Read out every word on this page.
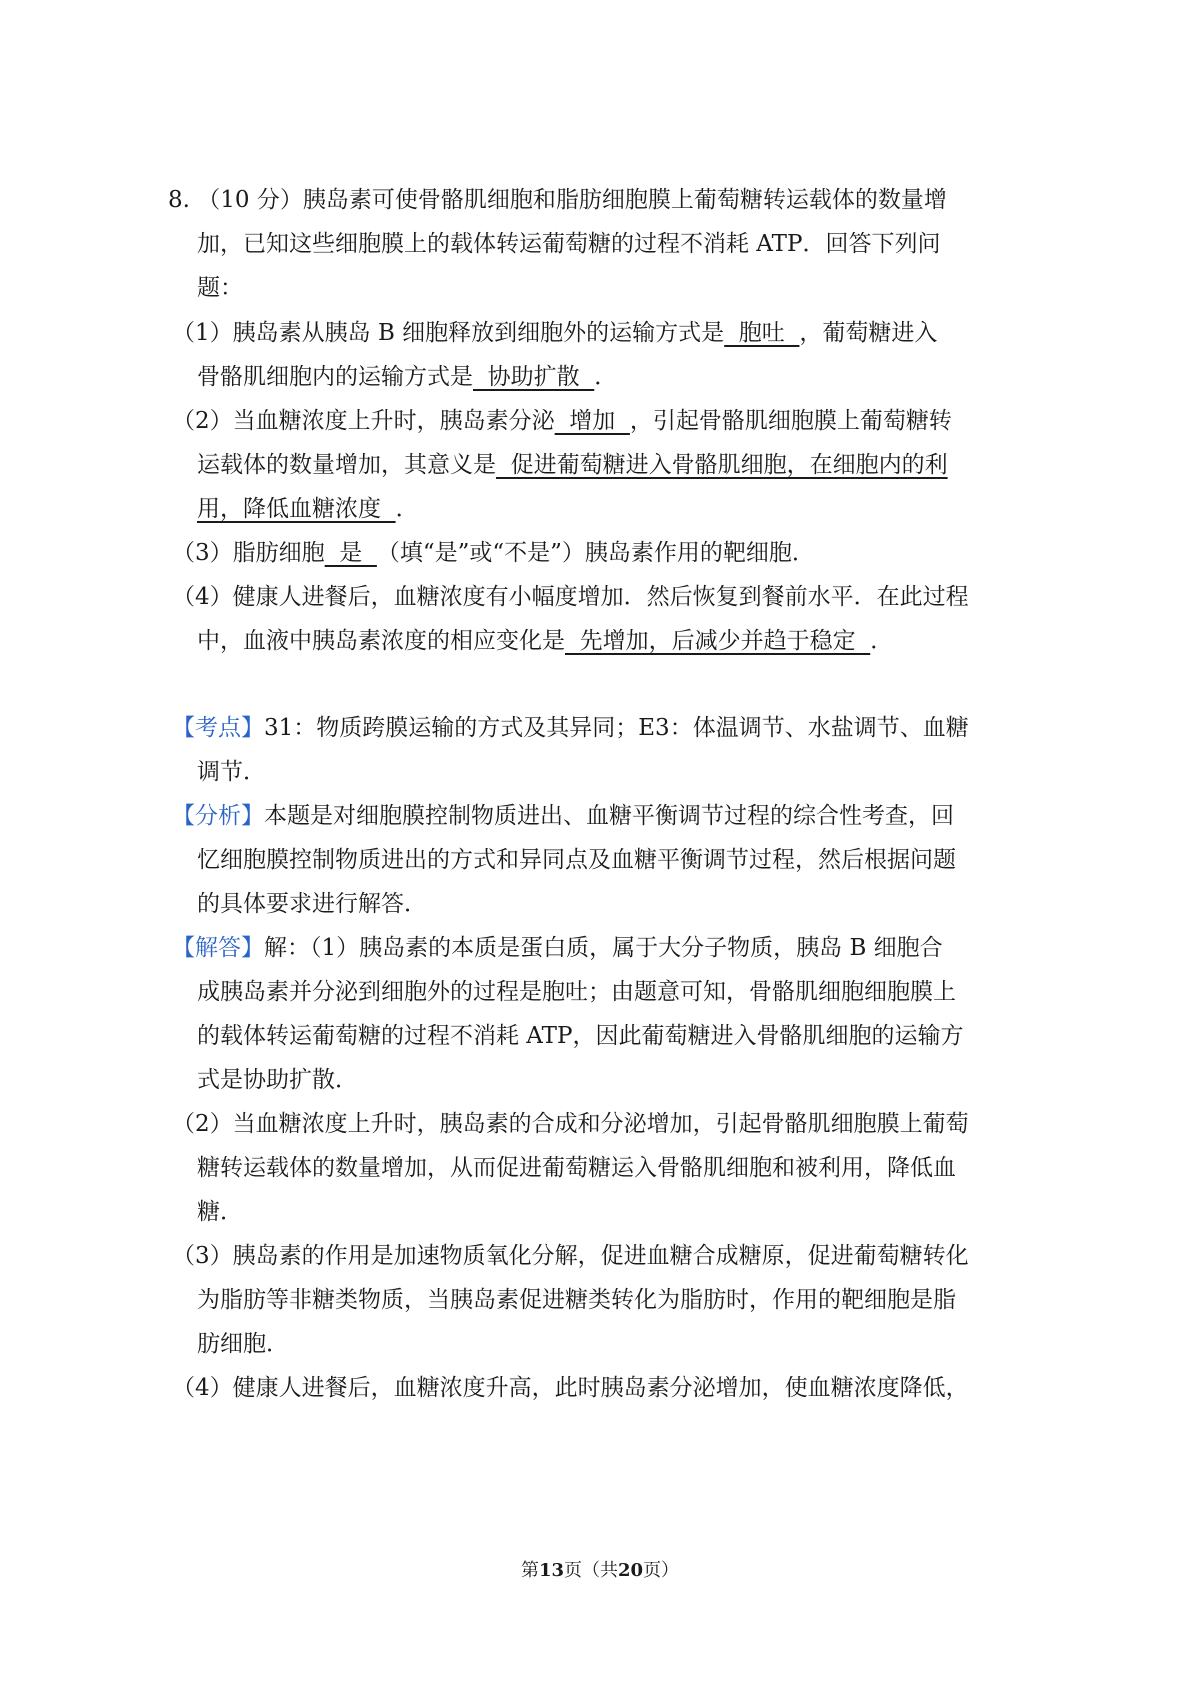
8. （10 分）胰岛素可使骨骼肌细胞和脂肪细胞膜上葡萄糖转运载体的数量增
加，已知这些细胞膜上的载体转运葡萄糖的过程不消耗 ATP．回答下列问
题：
（1）胰岛素从胰岛 B 细胞释放到细胞外的运输方式是  胞吐  ，葡萄糖进入
骨骼肌细胞内的运输方式是  协助扩散  ．
（2）当血糖浓度上升时，胰岛素分泌  增加  ，引起骨骼肌细胞膜上葡萄糖转
运载体的数量增加，其意义是  促进葡萄糖进入骨骼肌细胞，在细胞内的利
用，降低血糖浓度  ．
（3）脂肪细胞  是  （填“是”或“不是”）胰岛素作用的靶细胞．
（4）健康人进餐后，血糖浓度有小幅度增加．然后恢复到餐前水平．在此过程
中，血液中胰岛素浓度的相应变化是  先增加，后减少并趋于稳定  ．
【考点】31：物质跨膜运输的方式及其异同；E3：体温调节、水盐调节、血糖
调节．
【分析】本题是对细胞膜控制物质进出、血糖平衡调节过程的综合性考查，回
忆细胞膜控制物质进出的方式和异同点及血糖平衡调节过程，然后根据问题
的具体要求进行解答．
【解答】解：（1）胰岛素的本质是蛋白质，属于大分子物质，胰岛 B 细胞合
成胰岛素并分泌到细胞外的过程是胞吐；由题意可知，骨骼肌细胞细胞膜上
的载体转运葡萄糖的过程不消耗 ATP，因此葡萄糖进入骨骼肌细胞的运输方
式是协助扩散．
（2）当血糖浓度上升时，胰岛素的合成和分泌增加，引起骨骼肌细胞膜上葡萄
糖转运载体的数量增加，从而促进葡萄糖运入骨骼肌细胞和被利用，降低血
糖．
（3）胰岛素的作用是加速物质氧化分解，促进血糖合成糖原，促进葡萄糖转化
为脂肪等非糖类物质，当胰岛素促进糖类转化为脂肪时，作用的靶细胞是脂
肪细胞．
（4）健康人进餐后，血糖浓度升高，此时胰岛素分泌增加，使血糖浓度降低，
第13页（共20页）
